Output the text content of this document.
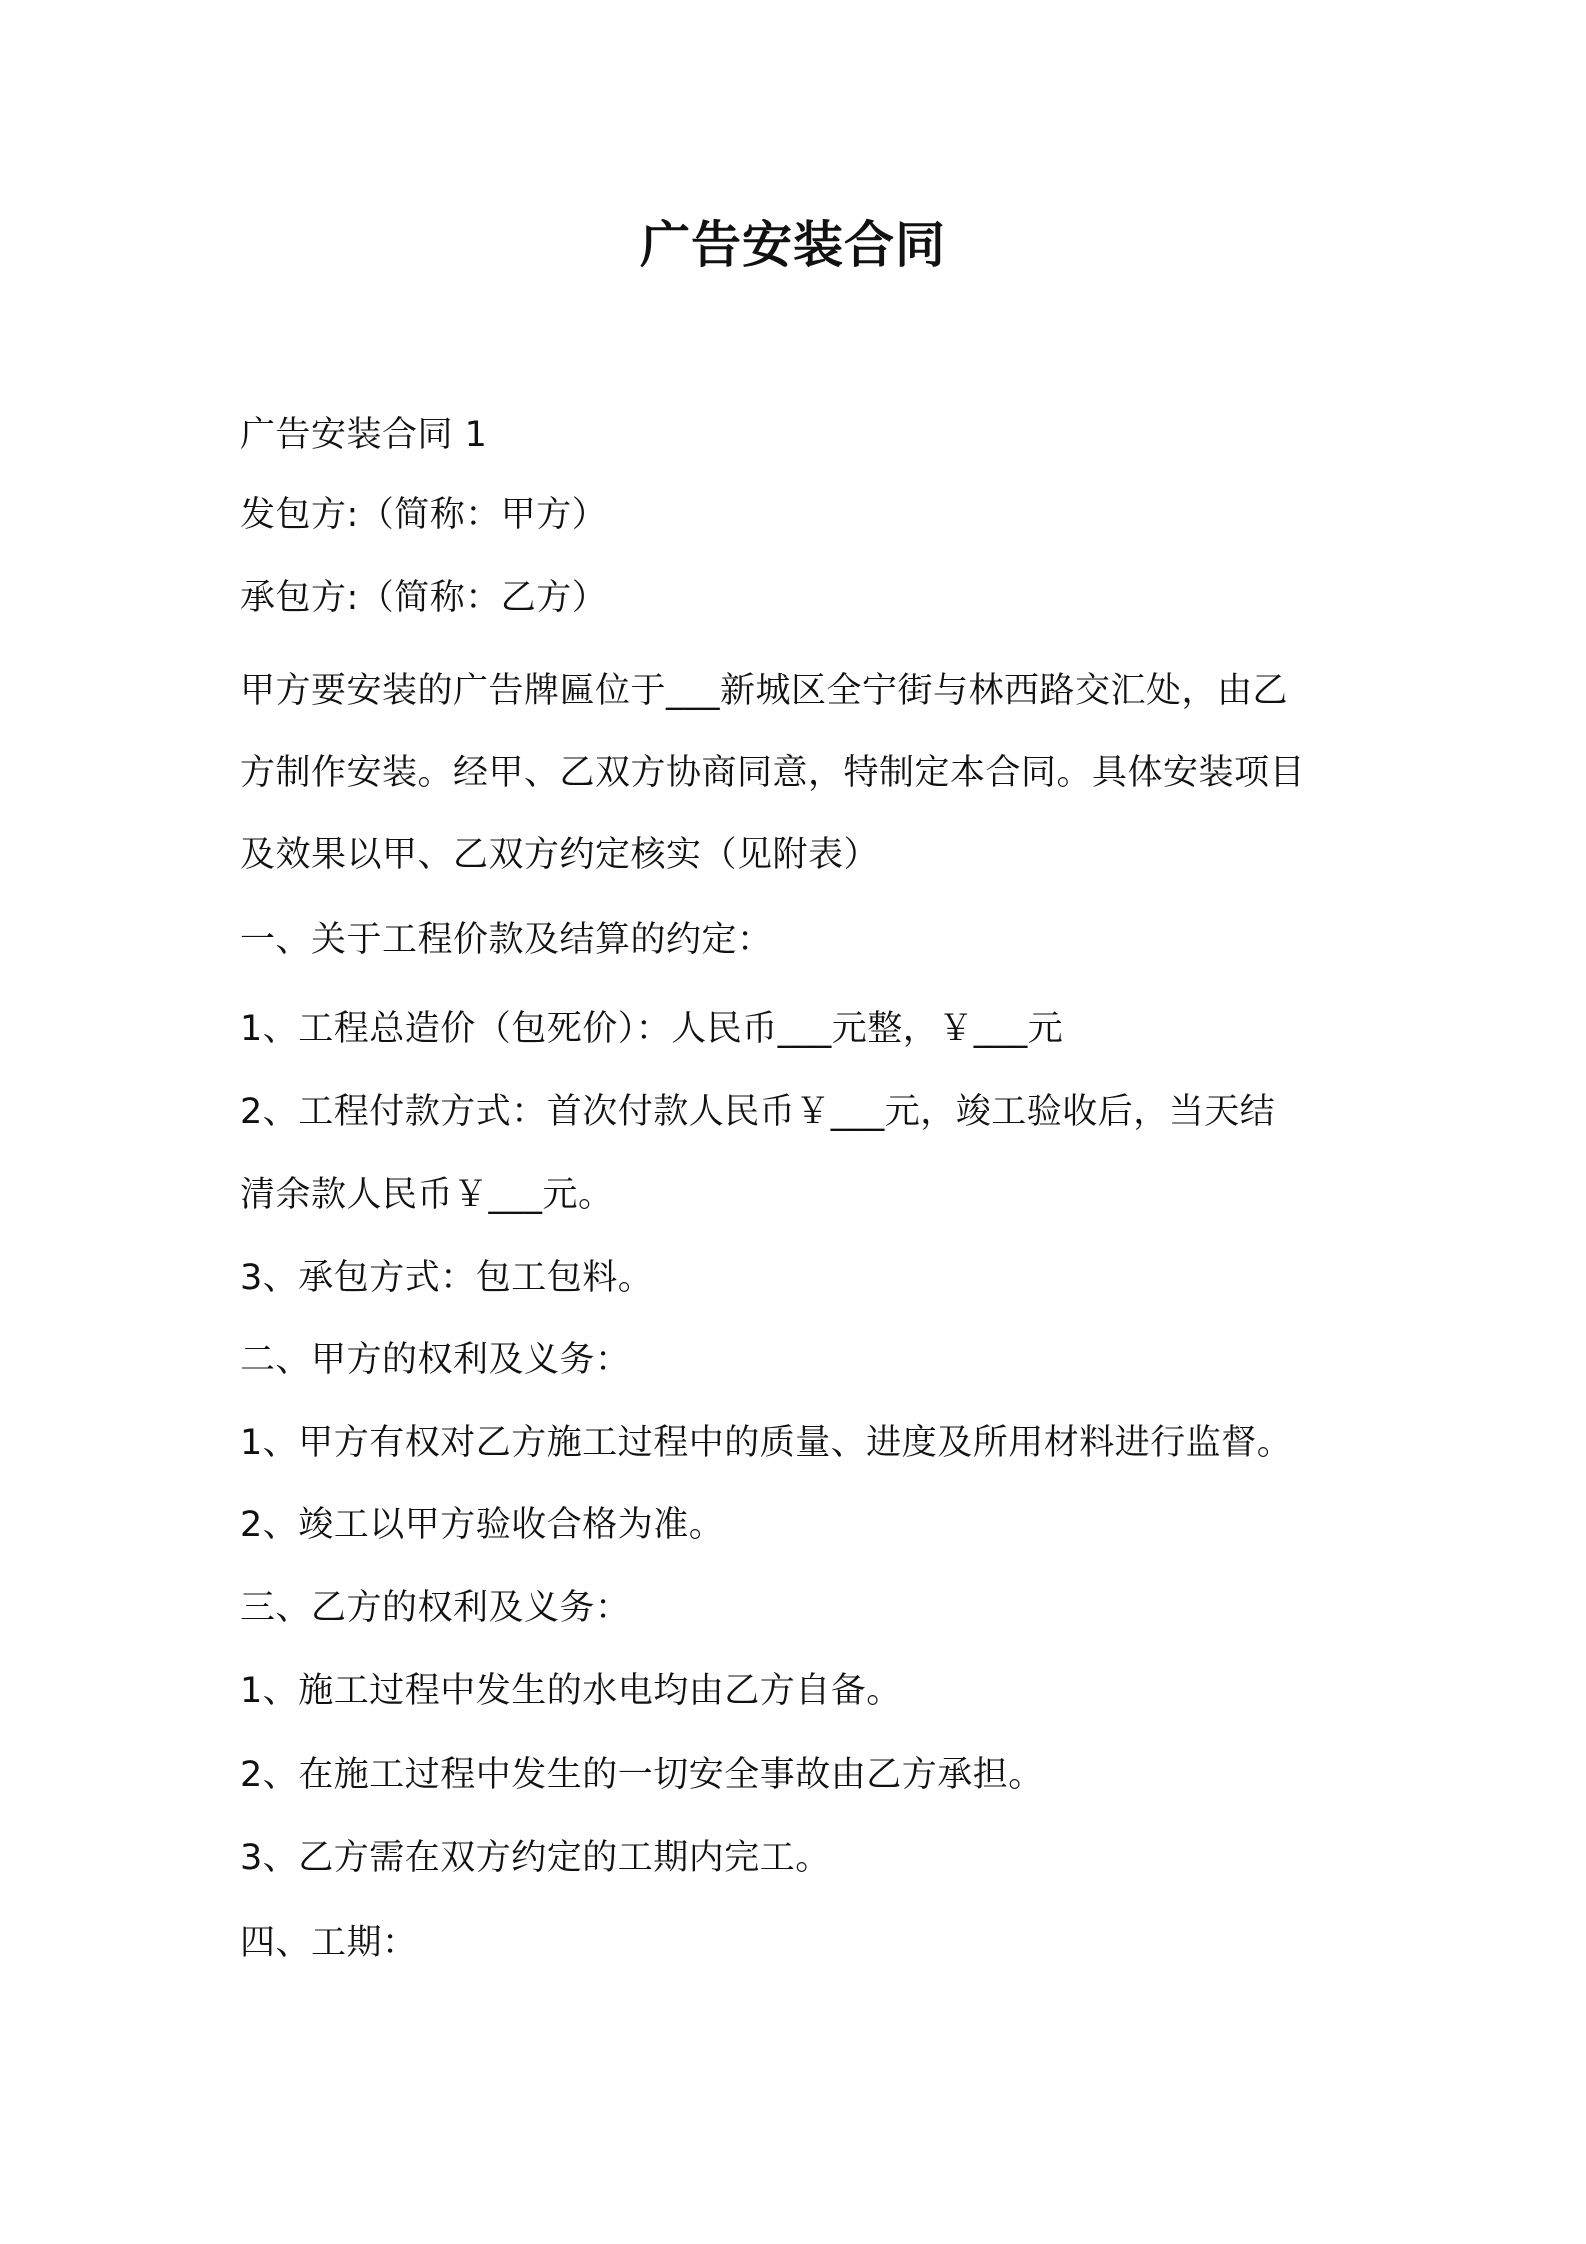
广告安装合同
广告安装合同 1
发包方:（简称：甲方）
承包方:（简称：乙方）
甲方要安装的广告牌匾位于___新城区全宁街与林西路交汇处，由乙
方制作安装。经甲、乙双方协商同意，特制定本合同。具体安装项目
及效果以甲、乙双方约定核实（见附表）
一、关于工程价款及结算的约定：
1、工程总造价（包死价）：人民币___元整，￥___元
2、工程付款方式：首次付款人民币￥___元，竣工验收后，当天结
清余款人民币￥___元。
3、承包方式：包工包料。
二、甲方的权利及义务：
1、甲方有权对乙方施工过程中的质量、进度及所用材料进行监督。
2、竣工以甲方验收合格为准。
三、乙方的权利及义务：
1、施工过程中发生的水电均由乙方自备。
2、在施工过程中发生的一切安全事故由乙方承担。
3、乙方需在双方约定的工期内完工。
四、工期：
